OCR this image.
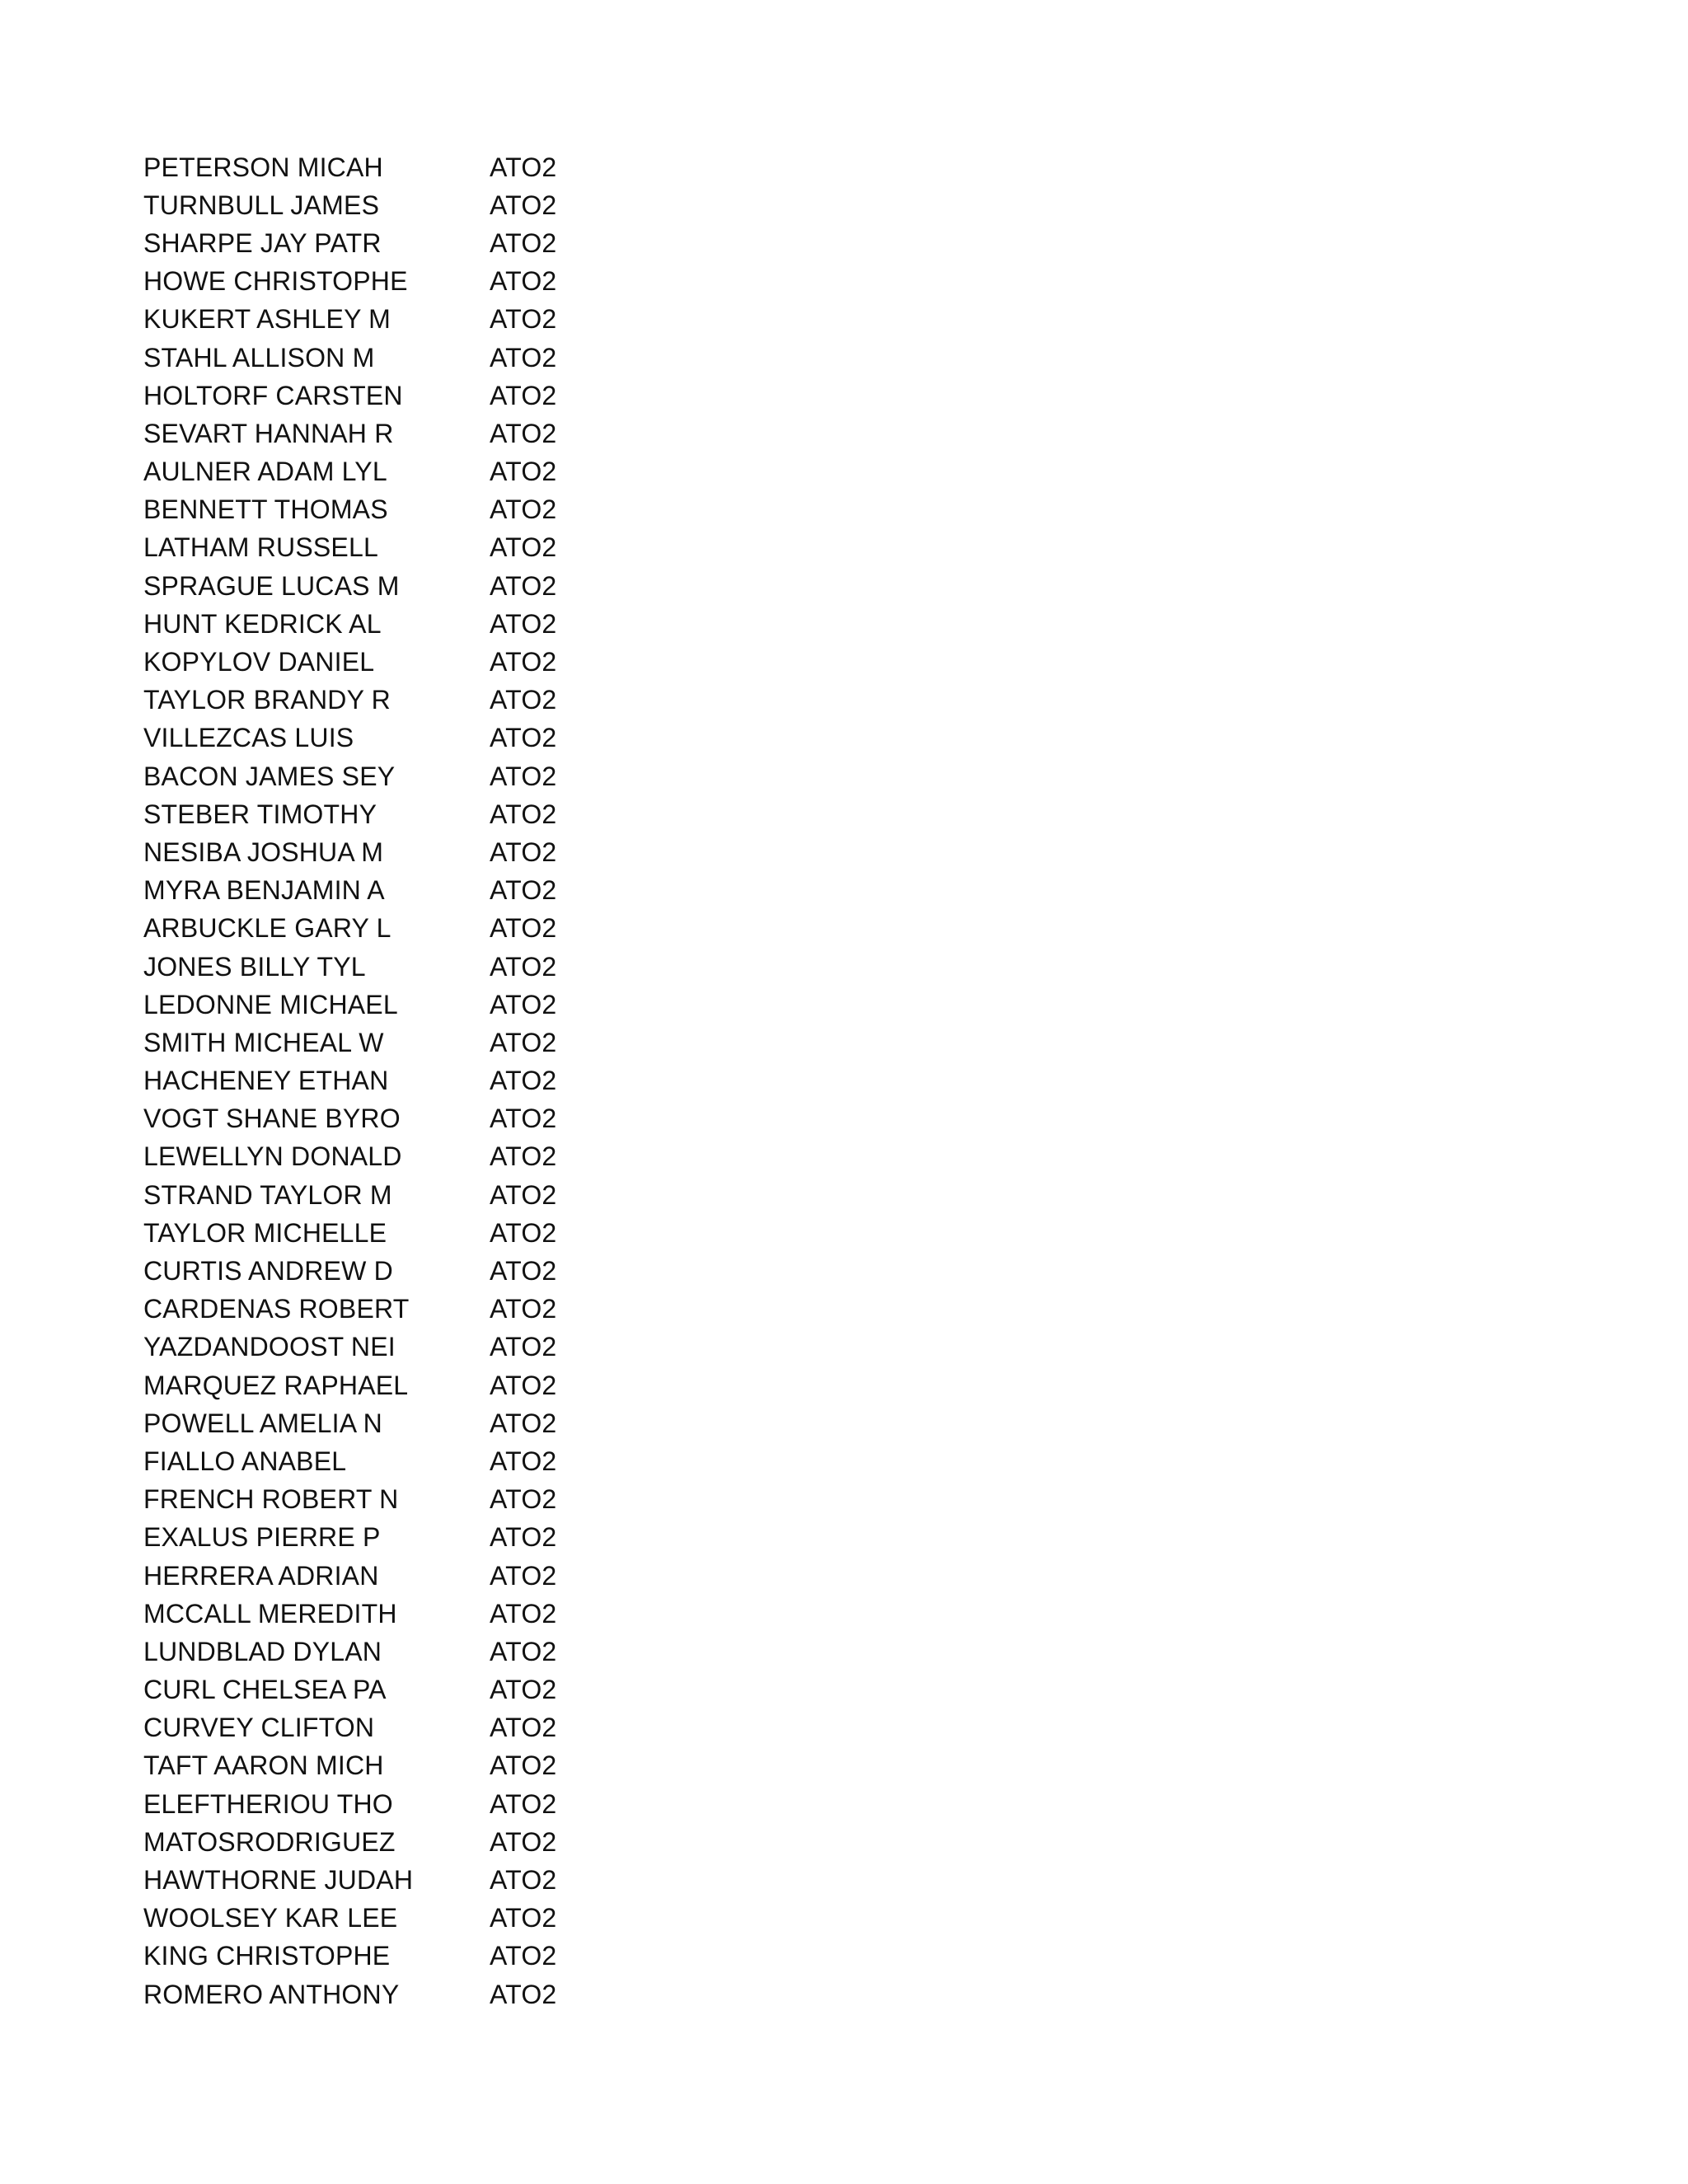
PETERSON MICAH	ATO2
TURNBULL JAMES	ATO2
SHARPE JAY PATR	ATO2
HOWE CHRISTOPHE	ATO2
KUKERT ASHLEY M	ATO2
STAHL ALLISON M	ATO2
HOLTORF CARSTEN	ATO2
SEVART HANNAH R	ATO2
AULNER ADAM LYL	ATO2
BENNETT THOMAS	ATO2
LATHAM RUSSELL	ATO2
SPRAGUE LUCAS M	ATO2
HUNT KEDRICK AL	ATO2
KOPYLOV DANIEL	ATO2
TAYLOR BRANDY R	ATO2
VILLEZCAS LUIS	ATO2
BACON JAMES SEY	ATO2
STEBER TIMOTHY	ATO2
NESIBA JOSHUA M	ATO2
MYRA BENJAMIN A	ATO2
ARBUCKLE GARY L	ATO2
JONES BILLY TYL	ATO2
LEDONNE MICHAEL	ATO2
SMITH MICHEAL W	ATO2
HACHENEY ETHAN	ATO2
VOGT SHANE BYRO	ATO2
LEWELLYN DONALD	ATO2
STRAND TAYLOR M	ATO2
TAYLOR MICHELLE	ATO2
CURTIS ANDREW D	ATO2
CARDENAS ROBERT	ATO2
YAZDANDOOST NEI	ATO2
MARQUEZ RAPHAEL	ATO2
POWELL AMELIA N	ATO2
FIALLO ANABEL	ATO2
FRENCH ROBERT N	ATO2
EXALUS PIERRE P	ATO2
HERRERA ADRIAN	ATO2
MCCALL MEREDITH	ATO2
LUNDBLAD DYLAN	ATO2
CURL CHELSEA PA	ATO2
CURVEY CLIFTON	ATO2
TAFT AARON MICH	ATO2
ELEFTHERIOU THO	ATO2
MATOSRODRIGUEZ	ATO2
HAWTHORNE JUDAH	ATO2
WOOLSEY KAR LEE	ATO2
KING CHRISTOPHE	ATO2
ROMERO ANTHONY	ATO2
